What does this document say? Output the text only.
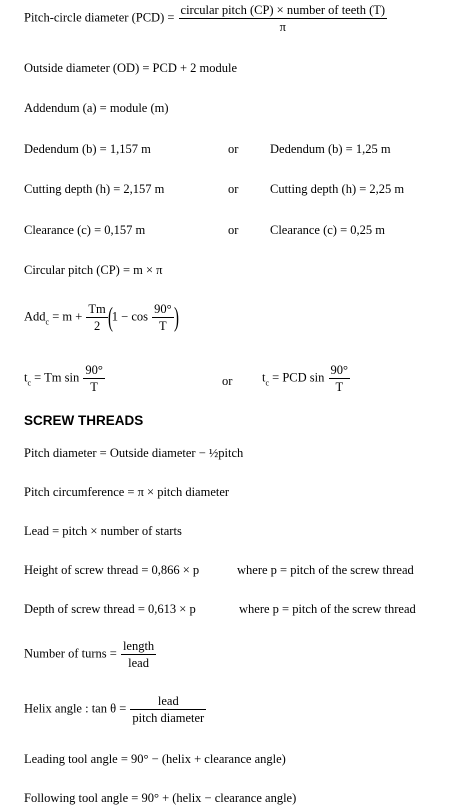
Pitch-circle diameter $(PCD) = \frac{\text{circular pitch (CP) × number of teeth (T)}}{\pi}$
Outside diameter (OD) = PCD + 2 module
Addendum (a) = module (m)
Dedendum (b) = 1,157 m	or	Dedendum (b) = 1,25 m
Cutting depth (h) = 2,157 m	or	Cutting depth (h) = 2,25 m
Clearance (c) = 0,157 m	or	Clearance (c) = 0,25 m
Circular pitch (CP) = m × π
$Add_c = m + \frac{Tm}{2} (1 - \cos \frac{90^\circ}{T}$ )
$t_c = Tm$ $\sin \frac{90^\circ}{T}$	or $t_c$ = PCD $\sin \frac{90^\circ}{T}$
SCREW THREADS
Pitch diameter = Outside diameter − ½pitch
Pitch circumference = π × pitch diameter
Lead = pitch × number of starts
Height of screw thread = 0,866 × p	where p = pitch of the screw thread
Depth of screw thread = 0,613 × p	where p = pitch of the screw thread
Number of turns = $\frac{\text{length}}{\text{lead}}$
Helix angle : $\tan \theta = \frac{\text{lead}}{\text{pitch diameter}}$
Leading tool angle = 90° − (helix + clearance angle)
Following tool angle = 90° + (helix − clearance angle)
